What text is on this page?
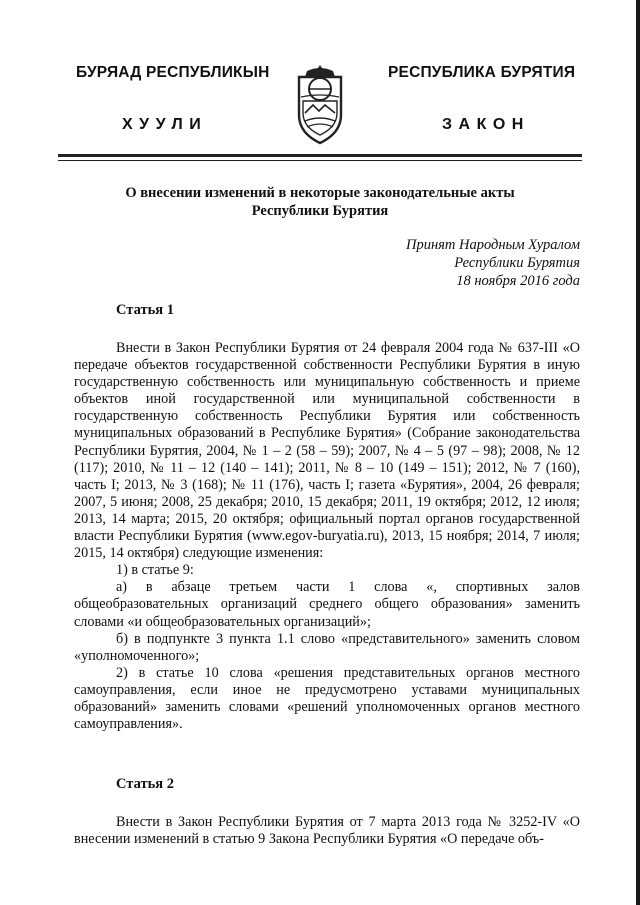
БУРЯАД РЕСПУБЛИКЫН	РЕСПУБЛИКА БУРЯТИЯ
ХУУЛИ	ЗАКОН
О внесении изменений в некоторые законодательные акты
Республики Бурятия
Принят Народным Хуралом
Республики Бурятия
18 ноября 2016 года
Статья 1

Внести в Закон Республики Бурятия от 24 февраля 2004 года № 637-III «О передаче объектов государственной собственности Республики Бурятия в иную государственную собственность или муниципальную собственность и приеме объектов иной государственной или муниципальной собственности в государственную собственность Республики Бурятия или собственность муниципальных образований в Республике Бурятия» (Собрание законодательства Республики Бурятия, 2004, № 1 – 2 (58 – 59); 2007, № 4 – 5 (97 – 98); 2008, № 12 (117); 2010, № 11 – 12 (140 – 141); 2011, № 8 – 10 (149 – 151); 2012, № 7 (160), часть I; 2013, № 3 (168); № 11 (176), часть I; газета «Бурятия», 2004, 26 февраля; 2007, 5 июня; 2008, 25 декабря; 2010, 15 декабря; 2011, 19 октября; 2012, 12 июля; 2013, 14 марта; 2015, 20 октября; официальный портал органов государственной власти Республики Бурятия (www.egov-buryatia.ru), 2013, 15 ноября; 2014, 7 июля; 2015, 14 октября) следующие изменения:

1) в статье 9:

а) в абзаце третьем части 1 слова «, спортивных залов общеобразовательных организаций среднего общего образования» заменить словами «и общеобразовательных организаций»;

б) в подпункте 3 пункта 1.1 слово «представительного» заменить словом «уполномоченного»;

2) в статье 10 слова «решения представительных органов местного самоуправления, если иное не предусмотрено уставами муниципальных образований» заменить словами «решений уполномоченных органов местного самоуправления».

Статья 2

Внести в Закон Республики Бурятия от 7 марта 2013 года № 3252-IV «О внесении изменений в статью 9 Закона Республики Бурятия «О передаче объ-
